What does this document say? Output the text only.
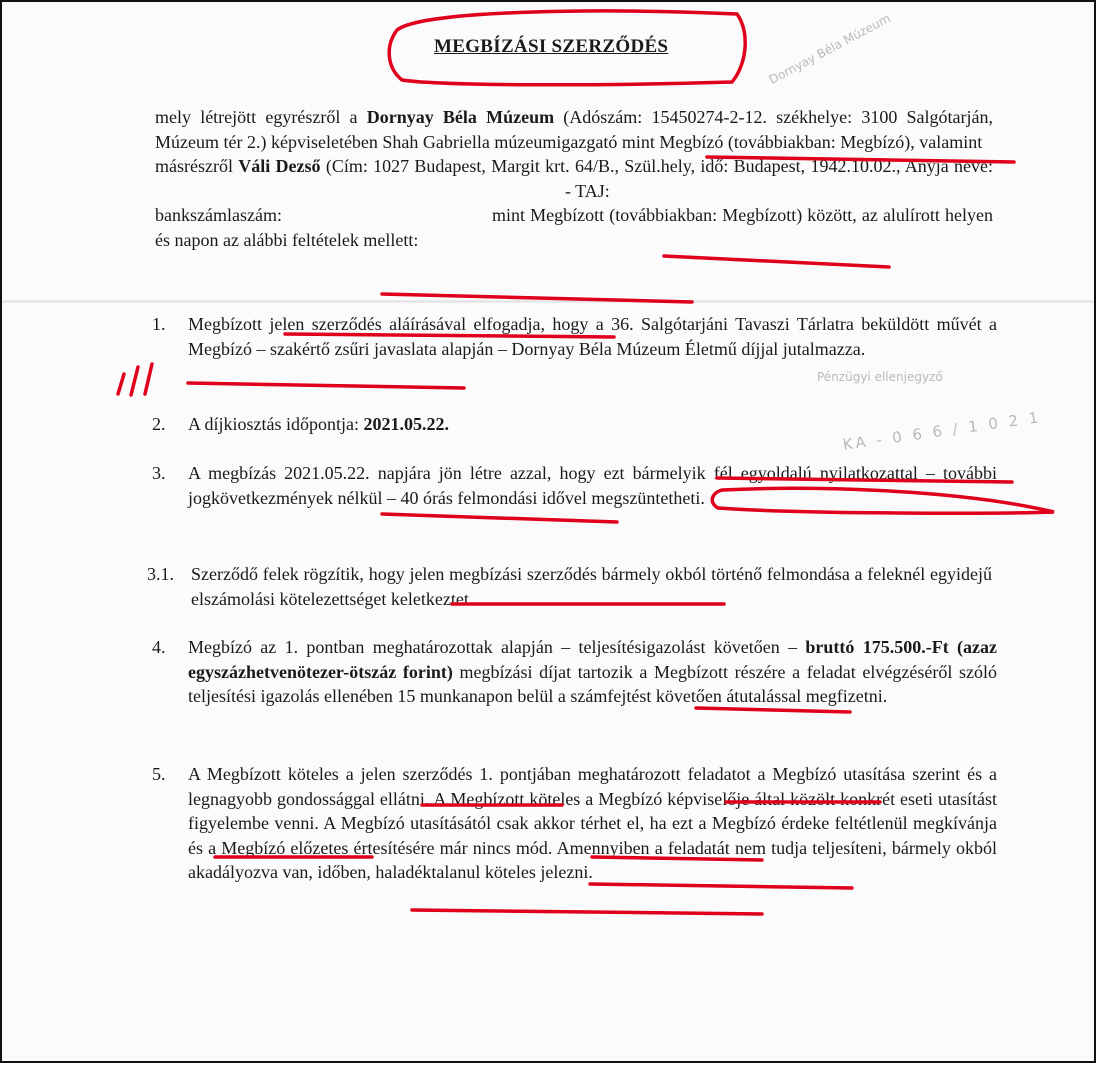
Dornyay Béla Múzeum
Pénzügyi ellenjegyző
KA - 0 6 6 / 1 0 2 1
MEGBÍZÁSI SZERZŐDÉS

mely létrejött egyrészről a Dornyay Béla Múzeum (Adószám: 15450274-2-12. székhelye: 3100 Salgótarján, Múzeum tér 2.) képviseletében Shah Gabriella múzeumigazgató mint Megbízó (továbbiakban: Megbízó), valamint

másrészről Váli Dezső (Cím: 1027 Budapest, Margit krt. 64/B., Szül.hely, idő: Budapest, 1942.10.02., Anyja neve:- TAJ:

bankszámlaszám:	mint Megbízott (továbbiakban: Megbízott) között, az alulírott helyen és napon az alábbi feltételek mellett:

1.	Megbízott jelen szerződés aláírásával elfogadja, hogy a 36. Salgótarjáni Tavaszi Tárlatra beküldött művét a Megbízó – szakértő zsűri javaslata alapján – Dornyay Béla Múzeum Életmű díjjal jutalmazza.
2.	A díjkiosztás időpontja: 2021.05.22.
3.	A megbízás 2021.05.22. napjára jön létre azzal, hogy ezt bármelyik fél egyoldalú nyilatkozattal – további jogkövetkezmények nélkül – 40 órás felmondási idővel megszüntetheti.
3.1. Szerződő felek rögzítik, hogy jelen megbízási szerződés bármely okból történő felmondása a feleknél egyidejű elszámolási kötelezettséget keletkeztet.
4.	Megbízó az 1. pontban meghatározottak alapján – teljesítésigazolást követően – bruttó 175.500.-Ft (azaz egyszázhetvenötezer-ötszáz forint) megbízási díjat tartozik a Megbízott részére a feladat elvégzéséről szóló teljesítési igazolás ellenében 15 munkanapon belül a számfejtést követően átutalással megfizetni.
5.	A Megbízott köteles a jelen szerződés 1. pontjában meghatározott feladatot a Megbízó utasítása szerint és a legnagyobb gondossággal ellátni. A Megbízott köteles a Megbízó képviselője által közölt konkrét eseti utasítást figyelembe venni. A Megbízó utasításától csak akkor térhet el, ha ezt a Megbízó érdeke feltétlenül megkívánja és a Megbízó előzetes értesítésére már nincs mód. Amennyiben a feladatát nem tudja teljesíteni, bármely okból akadályozva van, időben, haladéktalanul köteles jelezni.
